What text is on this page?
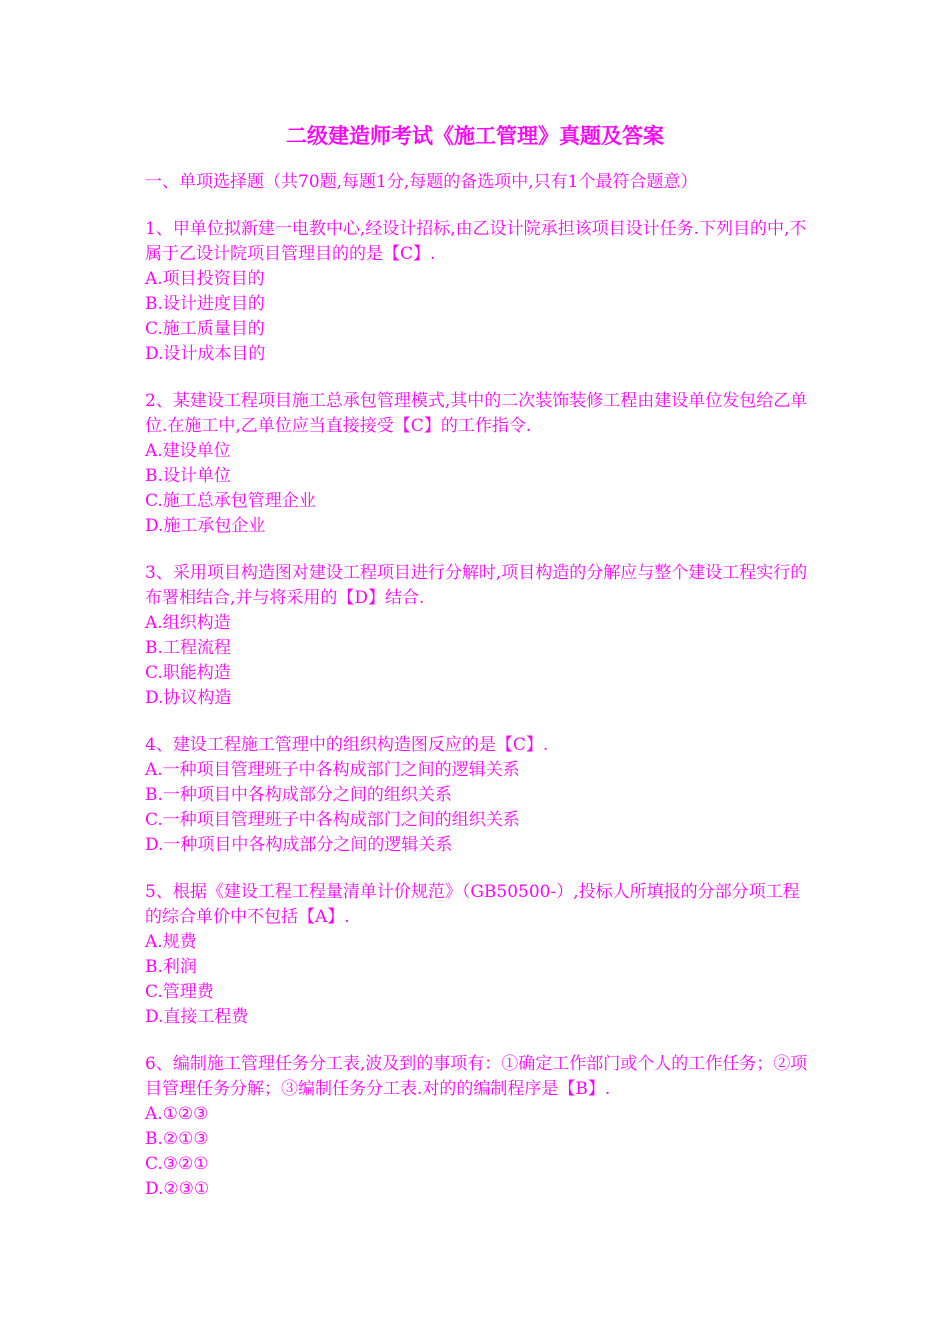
二级建造师考试《施工管理》真题及答案

一、单项选择题（共70题,每题1分,每题的备选项中,只有1个最符合题意）

1、甲单位拟新建一电教中心,经设计招标,由乙设计院承担该项目设计任务.下列目的中,不属于乙设计院项目管理目的的是【C】.

A.项目投资目的
B.设计进度目的
C.施工质量目的
D.设计成本目的

2、某建设工程项目施工总承包管理模式,其中的二次装饰装修工程由建设单位发包给乙单位.在施工中,乙单位应当直接接受【C】的工作指令.

A.建设单位
B.设计单位
C.施工总承包管理企业
D.施工承包企业

3、采用项目构造图对建设工程项目进行分解时,项目构造的分解应与整个建设工程实行的布署相结合,并与将采用的【D】结合.

A.组织构造
B.工程流程
C.职能构造
D.协议构造

4、建设工程施工管理中的组织构造图反应的是【C】.

A.一种项目管理班子中各构成部门之间的逻辑关系
B.一种项目中各构成部分之间的组织关系
C.一种项目管理班子中各构成部门之间的组织关系
D.一种项目中各构成部分之间的逻辑关系

5、根据《建设工程工程量清单计价规范》（GB50500-）,投标人所填报的分部分项工程的综合单价中不包括【A】.

A.规费
B.利润
C.管理费
D.直接工程费

6、编制施工管理任务分工表,波及到的事项有：①确定工作部门或个人的工作任务；②项目管理任务分解；③编制任务分工表.对的的编制程序是【B】.

A.①②③
B.②①③
C.③②①
D.②③①
